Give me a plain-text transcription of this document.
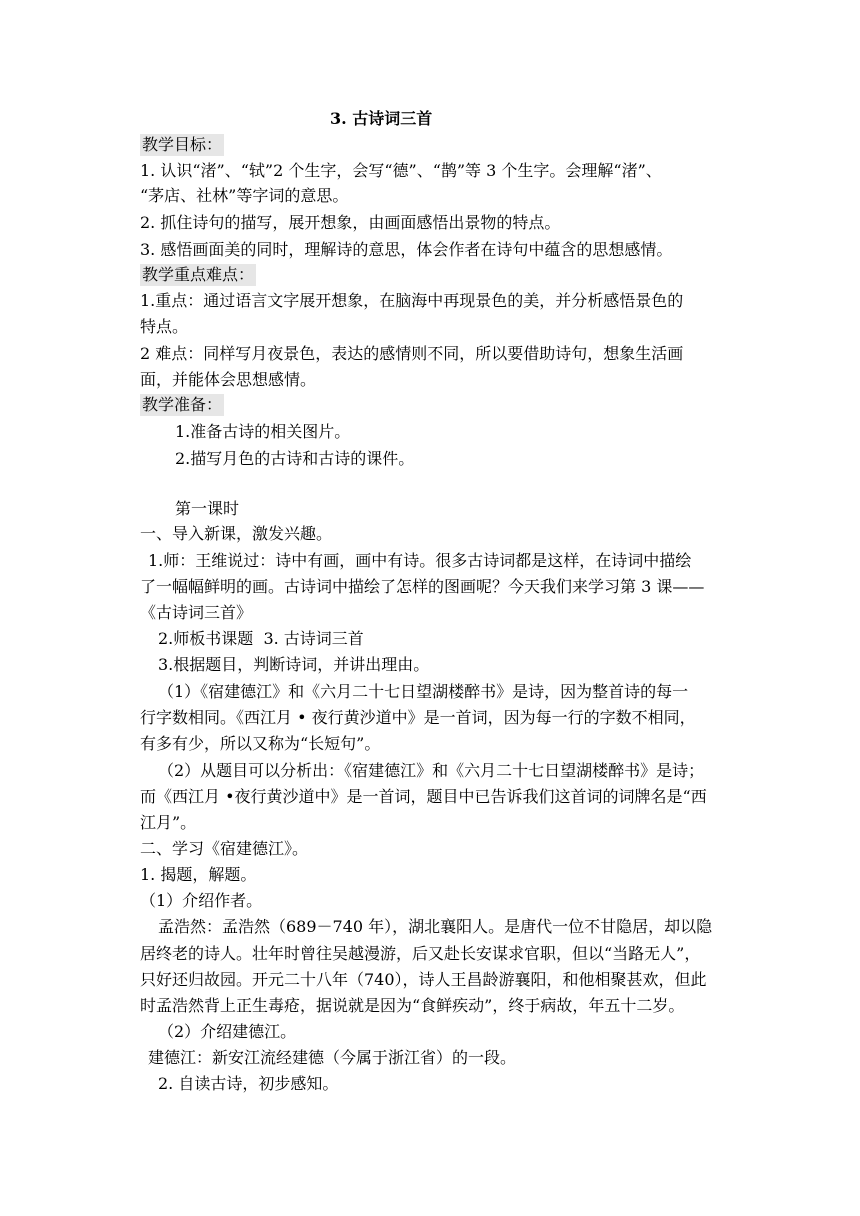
3. 古诗词三首
教学目标：
1. 认识“渚”、“轼”2 个生字，会写“德”、“鹊”等 3 个生字。会理解“渚”、
“茅店、社林”等字词的意思。
2. 抓住诗句的描写，展开想象，由画面感悟出景物的特点。
3. 感悟画面美的同时，理解诗的意思，体会作者在诗句中蕴含的思想感情。
教学重点难点：
1.重点：通过语言文字展开想象，在脑海中再现景色的美，并分析感悟景色的
特点。
2 难点：同样写月夜景色，表达的感情则不同，所以要借助诗句，想象生活画
面，并能体会思想感情。
教学准备：
1.准备古诗的相关图片。
2.描写月色的古诗和古诗的课件。
第一课时
一、导入新课，激发兴趣。
1.师：王维说过：诗中有画，画中有诗。很多古诗词都是这样，在诗词中描绘
了一幅幅鲜明的画。古诗词中描绘了怎样的图画呢？今天我们来学习第 3 课——
《古诗词三首》
2.师板书课题  3. 古诗词三首
3.根据题目，判断诗词，并讲出理由。
（1）《宿建德江》和《六月二十七日望湖楼醉书》是诗，因为整首诗的每一
行字数相同。《西江月 • 夜行黄沙道中》是一首词，因为每一行的字数不相同，
有多有少，所以又称为“长短句”。
（2）从题目可以分析出：《宿建德江》和《六月二十七日望湖楼醉书》是诗；
而《西江月 •夜行黄沙道中》是一首词，题目中已告诉我们这首词的词牌名是“西
江月”。
二、学习《宿建德江》。
1. 揭题，解题。
（1）介绍作者。
孟浩然：孟浩然（689－740 年），湖北襄阳人。是唐代一位不甘隐居，却以隐
居终老的诗人。壮年时曾往吴越漫游，后又赴长安谋求官职，但以“当路无人”，
只好还归故园。开元二十八年（740），诗人王昌龄游襄阳，和他相聚甚欢，但此
时孟浩然背上正生毒疮，据说就是因为“食鲜疾动”，终于病故，年五十二岁。
（2）介绍建德江。
建德江：新安江流经建德（今属于浙江省）的一段。
2. 自读古诗，初步感知。
